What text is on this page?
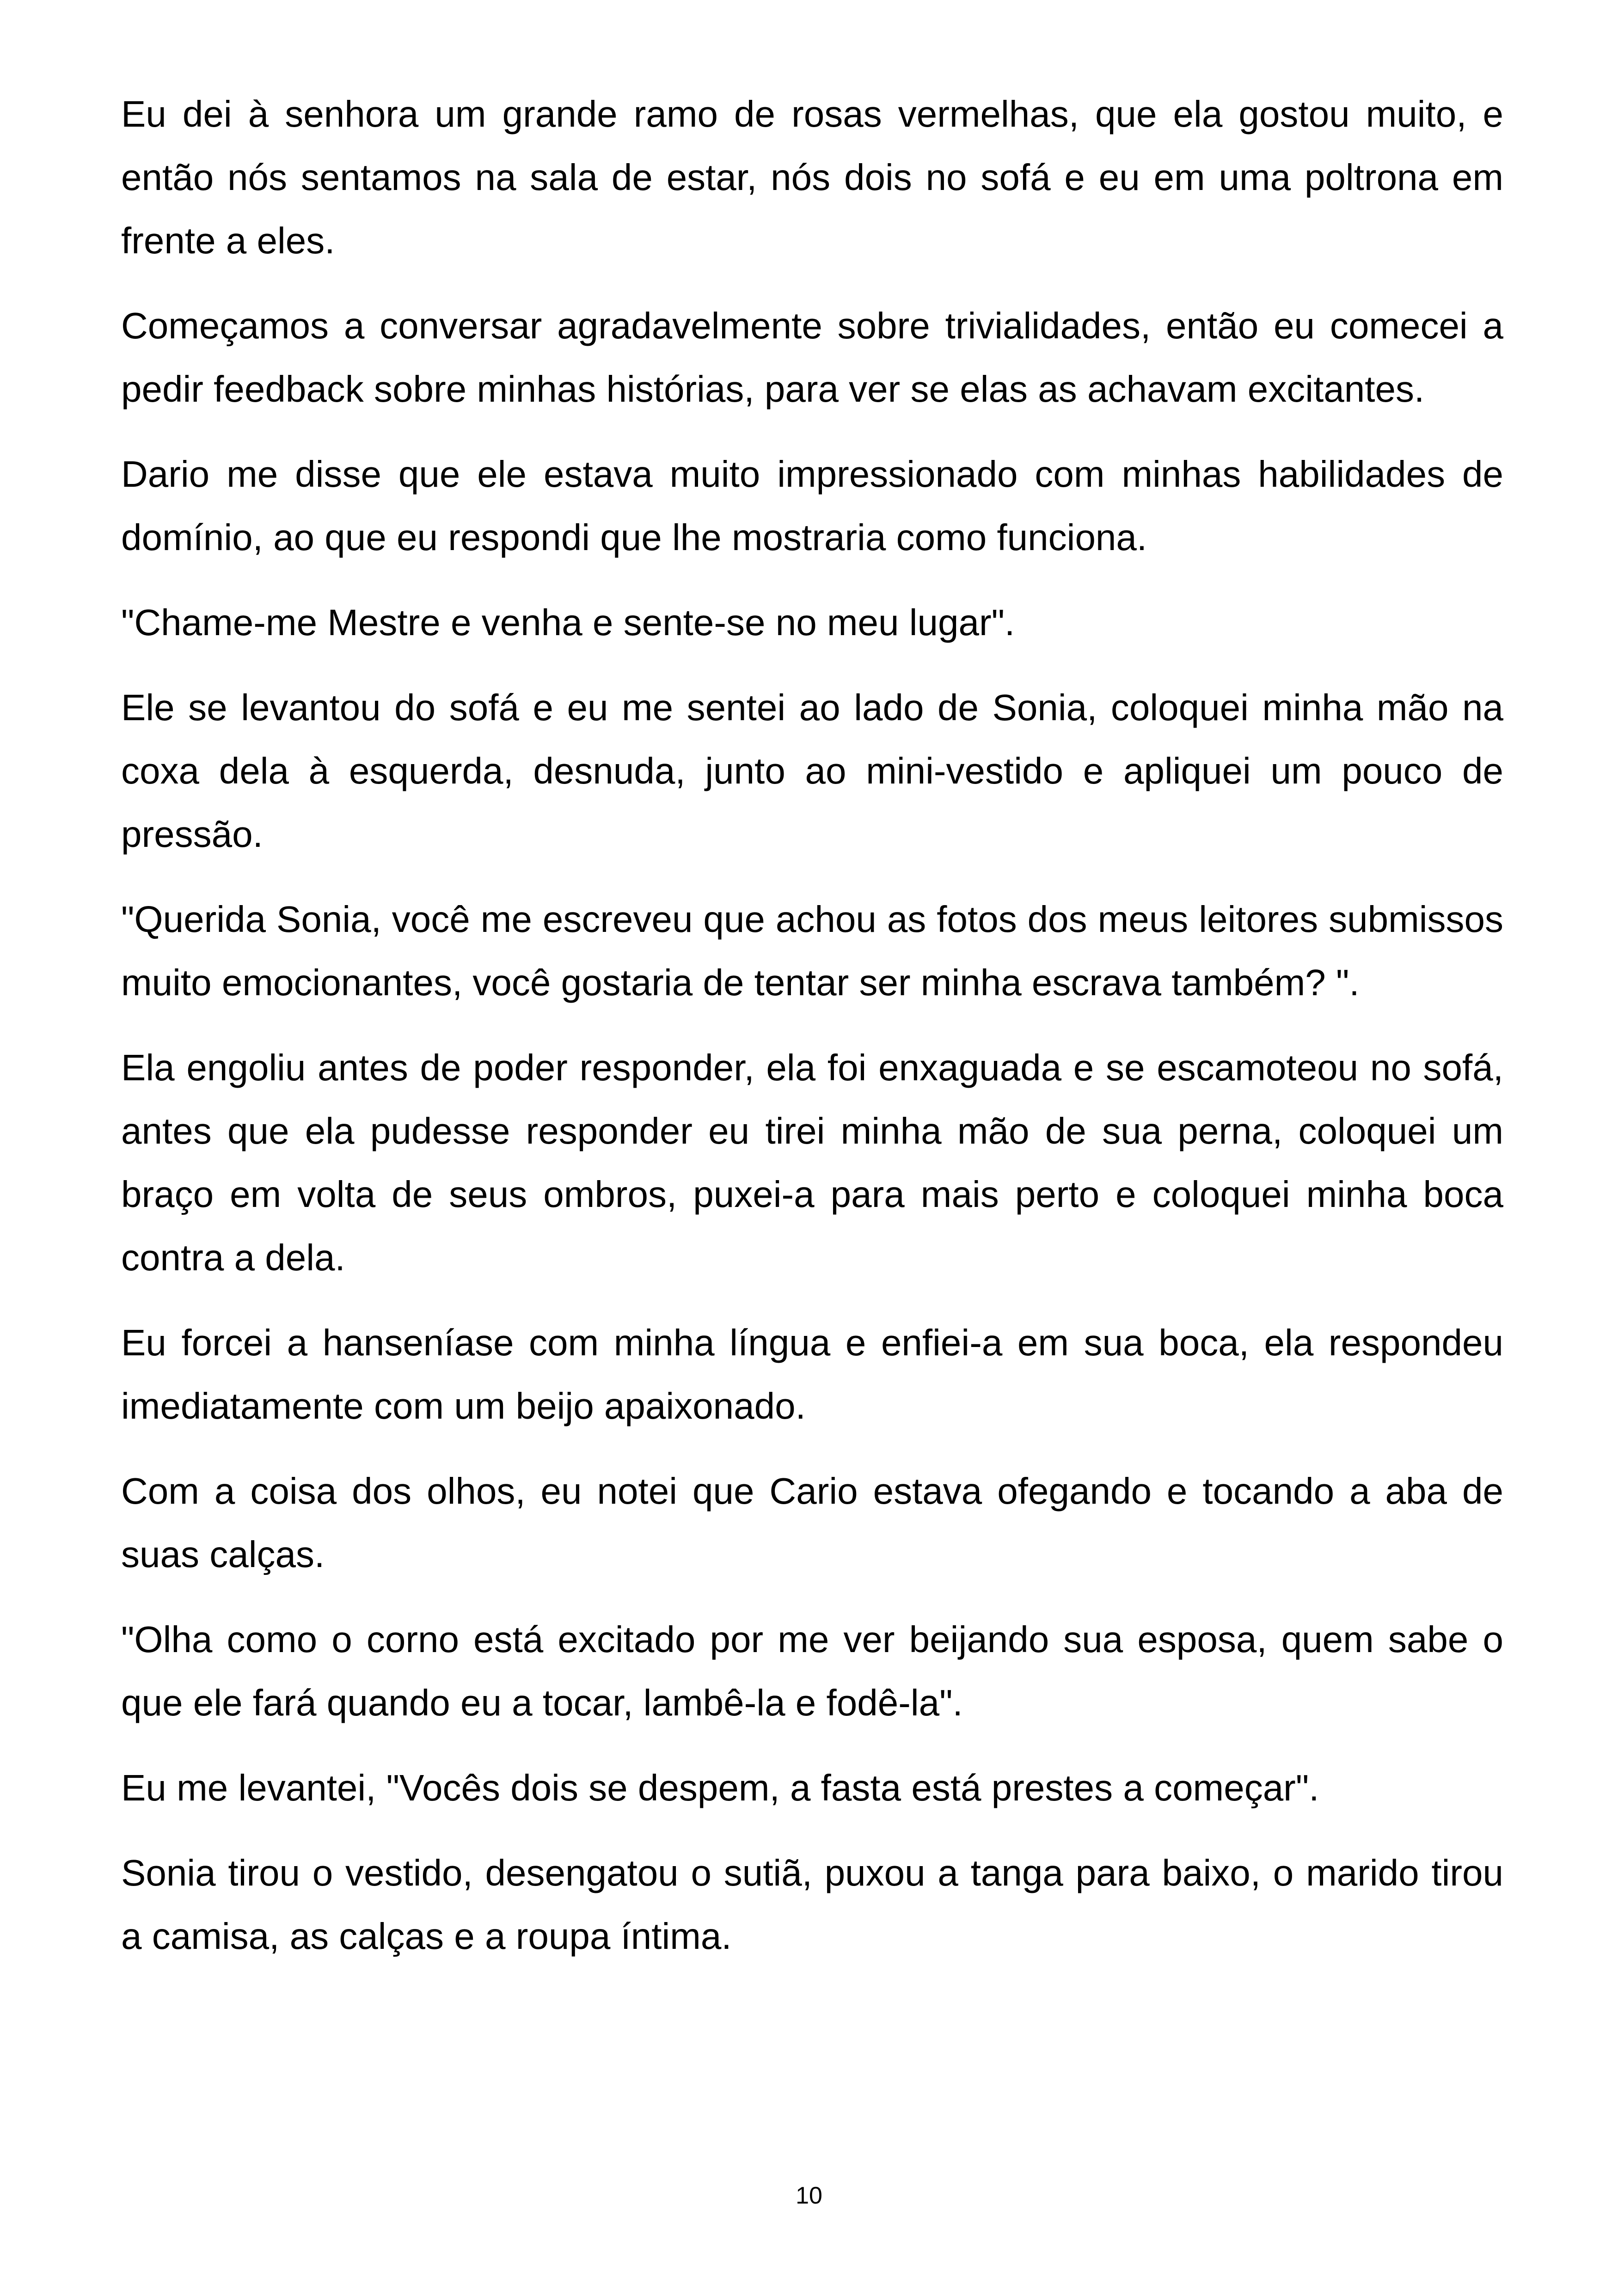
Eu dei à senhora um grande ramo de rosas vermelhas, que ela gostou muito, e então nós sentamos na sala de estar, nós dois no sofá e eu em uma poltrona em frente a eles.

Começamos a conversar agradavelmente sobre trivialidades, então eu comecei a pedir feedback sobre minhas histórias, para ver se elas as achavam excitantes.

Dario me disse que ele estava muito impressionado com minhas habilidades de domínio, ao que eu respondi que lhe mostraria como funciona.

"Chame-me Mestre e venha e sente-se no meu lugar".

Ele se levantou do sofá e eu me sentei ao lado de Sonia, coloquei minha mão na coxa dela à esquerda, desnuda, junto ao mini-vestido e apliquei um pouco de pressão.

"Querida Sonia, você me escreveu que achou as fotos dos meus leitores submissos muito emocionantes, você gostaria de tentar ser minha escrava também? ".

Ela engoliu antes de poder responder, ela foi enxaguada e se escamoteou no sofá, antes que ela pudesse responder eu tirei minha mão de sua perna, coloquei um braço em volta de seus ombros, puxei-a para mais perto e coloquei minha boca contra a dela.

Eu forcei a hanseníase com minha língua e enfiei-a em sua boca, ela respondeu imediatamente com um beijo apaixonado.

Com a coisa dos olhos, eu notei que Cario estava ofegando e tocando a aba de suas calças.

"Olha como o corno está excitado por me ver beijando sua esposa, quem sabe o que ele fará quando eu a tocar, lambê-la e fodê-la".

Eu me levantei, "Vocês dois se despem, a fasta está prestes a começar".

Sonia tirou o vestido, desengatou o sutiã, puxou a tanga para baixo, o marido tirou a camisa, as calças e a roupa íntima.

10
